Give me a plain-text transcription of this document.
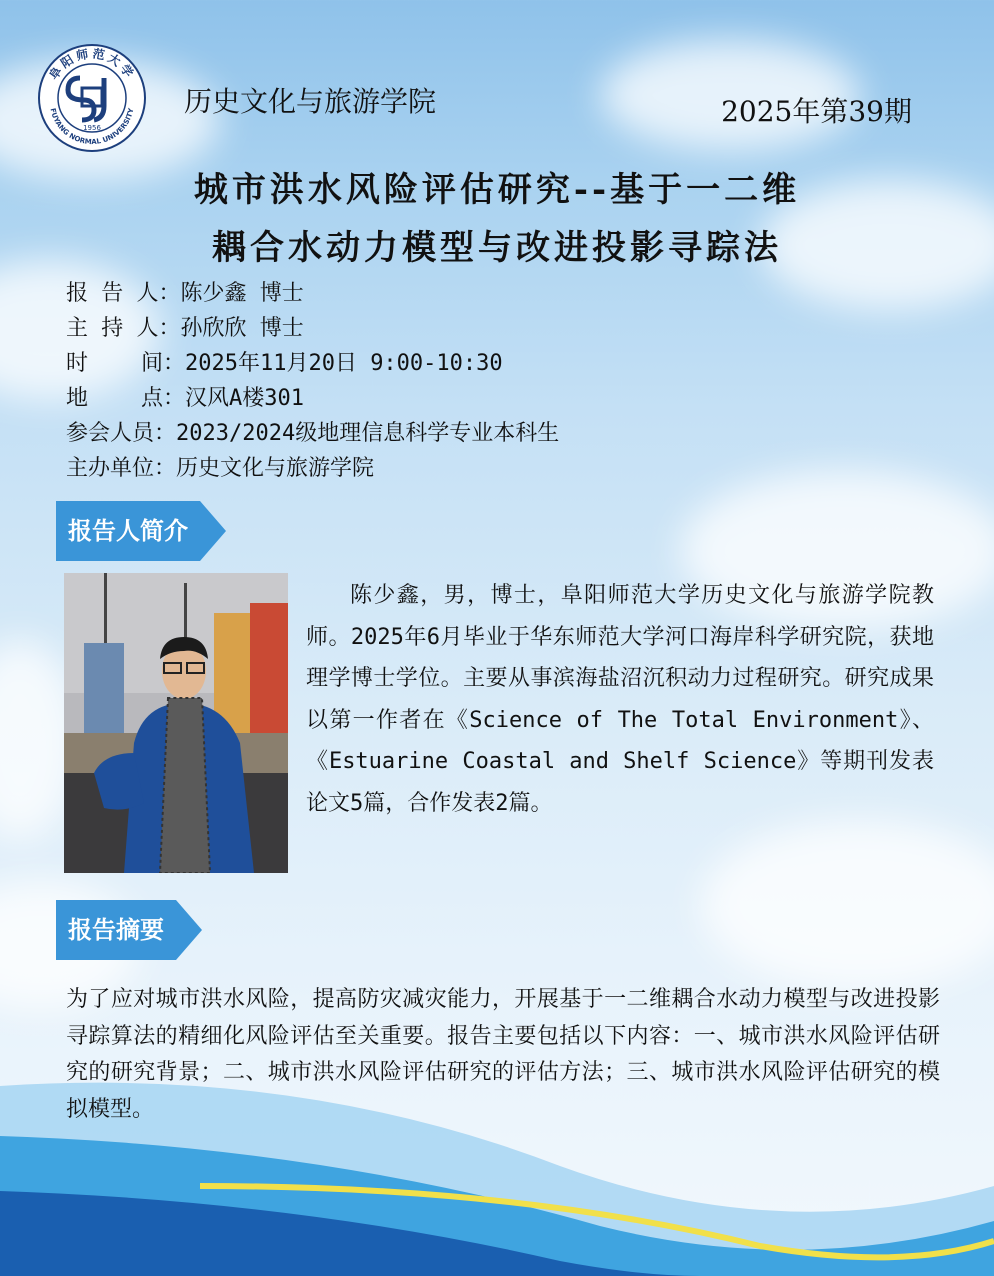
阜阳师范大学
FUYANG NORMAL UNIVERSITY
1956
历史文化与旅游学院	2025年第39期
城市洪水风险评估研究--基于一二维
耦合水动力模型与改进投影寻踪法
报 告 人：陈少鑫 博士
主 持 人：孙欣欣 博士
时    间：2025年11月20日 9:00-10:30
地    点：汉风A楼301
参会人员：2023/2024级地理信息科学专业本科生
主办单位：历史文化与旅游学院
报告人简介
陈少鑫，男，博士，阜阳师范大学历史文化与旅游学院教师。2025年6月毕业于华东师范大学河口海岸科学研究院，获地理学博士学位。主要从事滨海盐沼沉积动力过程研究。研究成果以第一作者在《Science of The Total Environment》、《Estuarine Coastal and Shelf Science》等期刊发表论文5篇，合作发表2篇。
报告摘要
为了应对城市洪水风险，提高防灾减灾能力，开展基于一二维耦合水动力模型与改进投影寻踪算法的精细化风险评估至关重要。报告主要包括以下内容：一、城市洪水风险评估研究的研究背景；二、城市洪水风险评估研究的评估方法；三、城市洪水风险评估研究的模拟模型。
